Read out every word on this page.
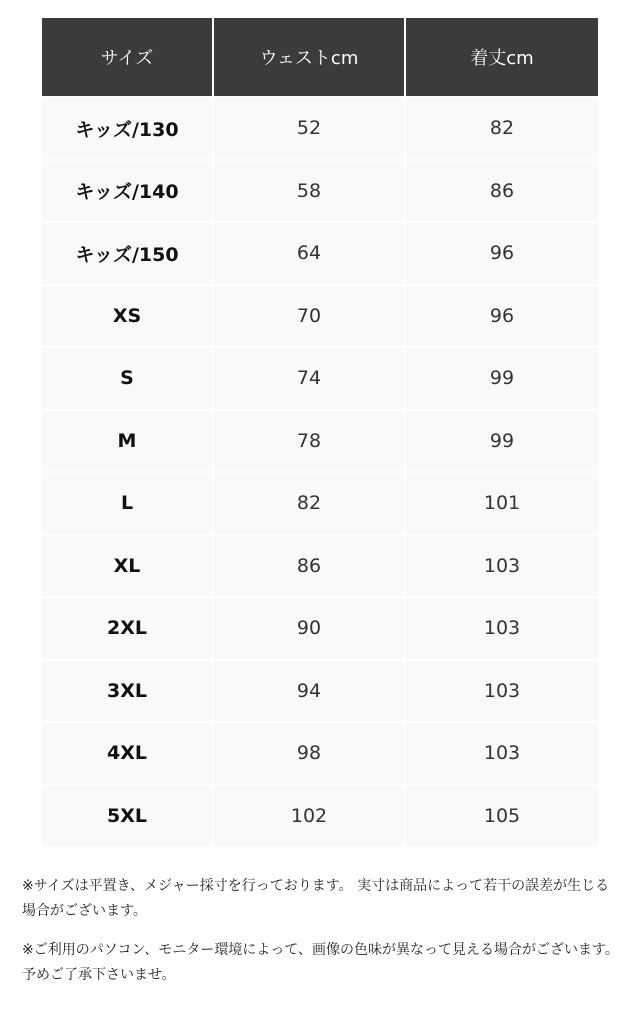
サイズ	ウェストcm	着丈cm
キッズ/130	52	82
キッズ/140	58	86
キッズ/150	64	96
XS	70	96
S	74	99
M	78	99
L	82	101
XL	86	103
2XL	90	103
3XL	94	103
4XL	98	103
5XL	102	105

※サイズは平置き、メジャー採寸を行っております。 実寸は商品によって若干の誤差が生じる場合がございます。

※ご利用のパソコン、モニター環境によって、画像の色味が異なって見える場合がございます。予めご了承下さいませ。
